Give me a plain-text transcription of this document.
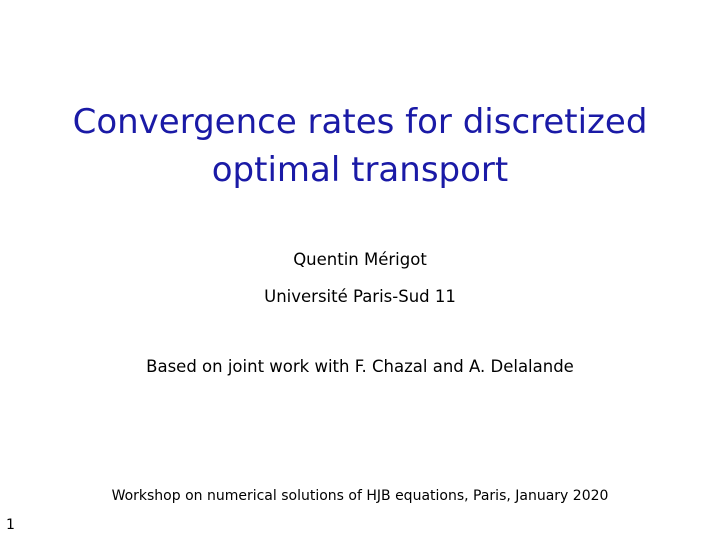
Convergence rates for discretized optimal transport
Quentin Mérigot
Université Paris-Sud 11
Based on joint work with F. Chazal and A. Delalande
Workshop on numerical solutions of HJB equations, Paris, January 2020
1
